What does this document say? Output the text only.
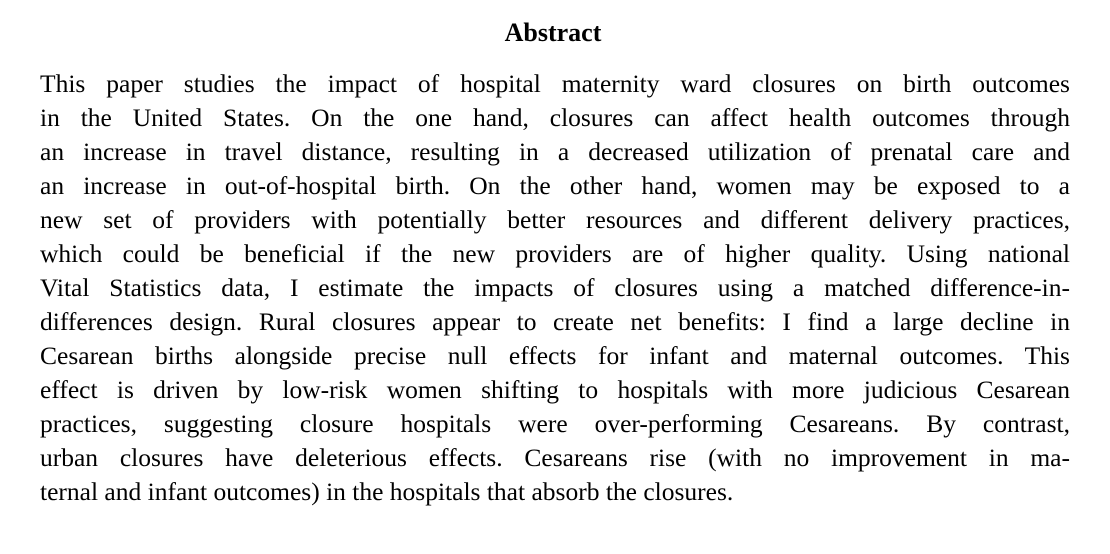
Abstract
This paper studies the impact of hospital maternity ward closures on birth outcomes
in the United States. On the one hand, closures can affect health outcomes through
an increase in travel distance, resulting in a decreased utilization of prenatal care and
an increase in out-of-hospital birth. On the other hand, women may be exposed to a
new set of providers with potentially better resources and different delivery practices,
which could be beneficial if the new providers are of higher quality. Using national
Vital Statistics data, I estimate the impacts of closures using a matched difference-in-
differences design. Rural closures appear to create net benefits: I find a large decline in
Cesarean births alongside precise null effects for infant and maternal outcomes. This
effect is driven by low-risk women shifting to hospitals with more judicious Cesarean
practices, suggesting closure hospitals were over-performing Cesareans. By contrast,
urban closures have deleterious effects. Cesareans rise (with no improvement in ma-
ternal and infant outcomes) in the hospitals that absorb the closures.
